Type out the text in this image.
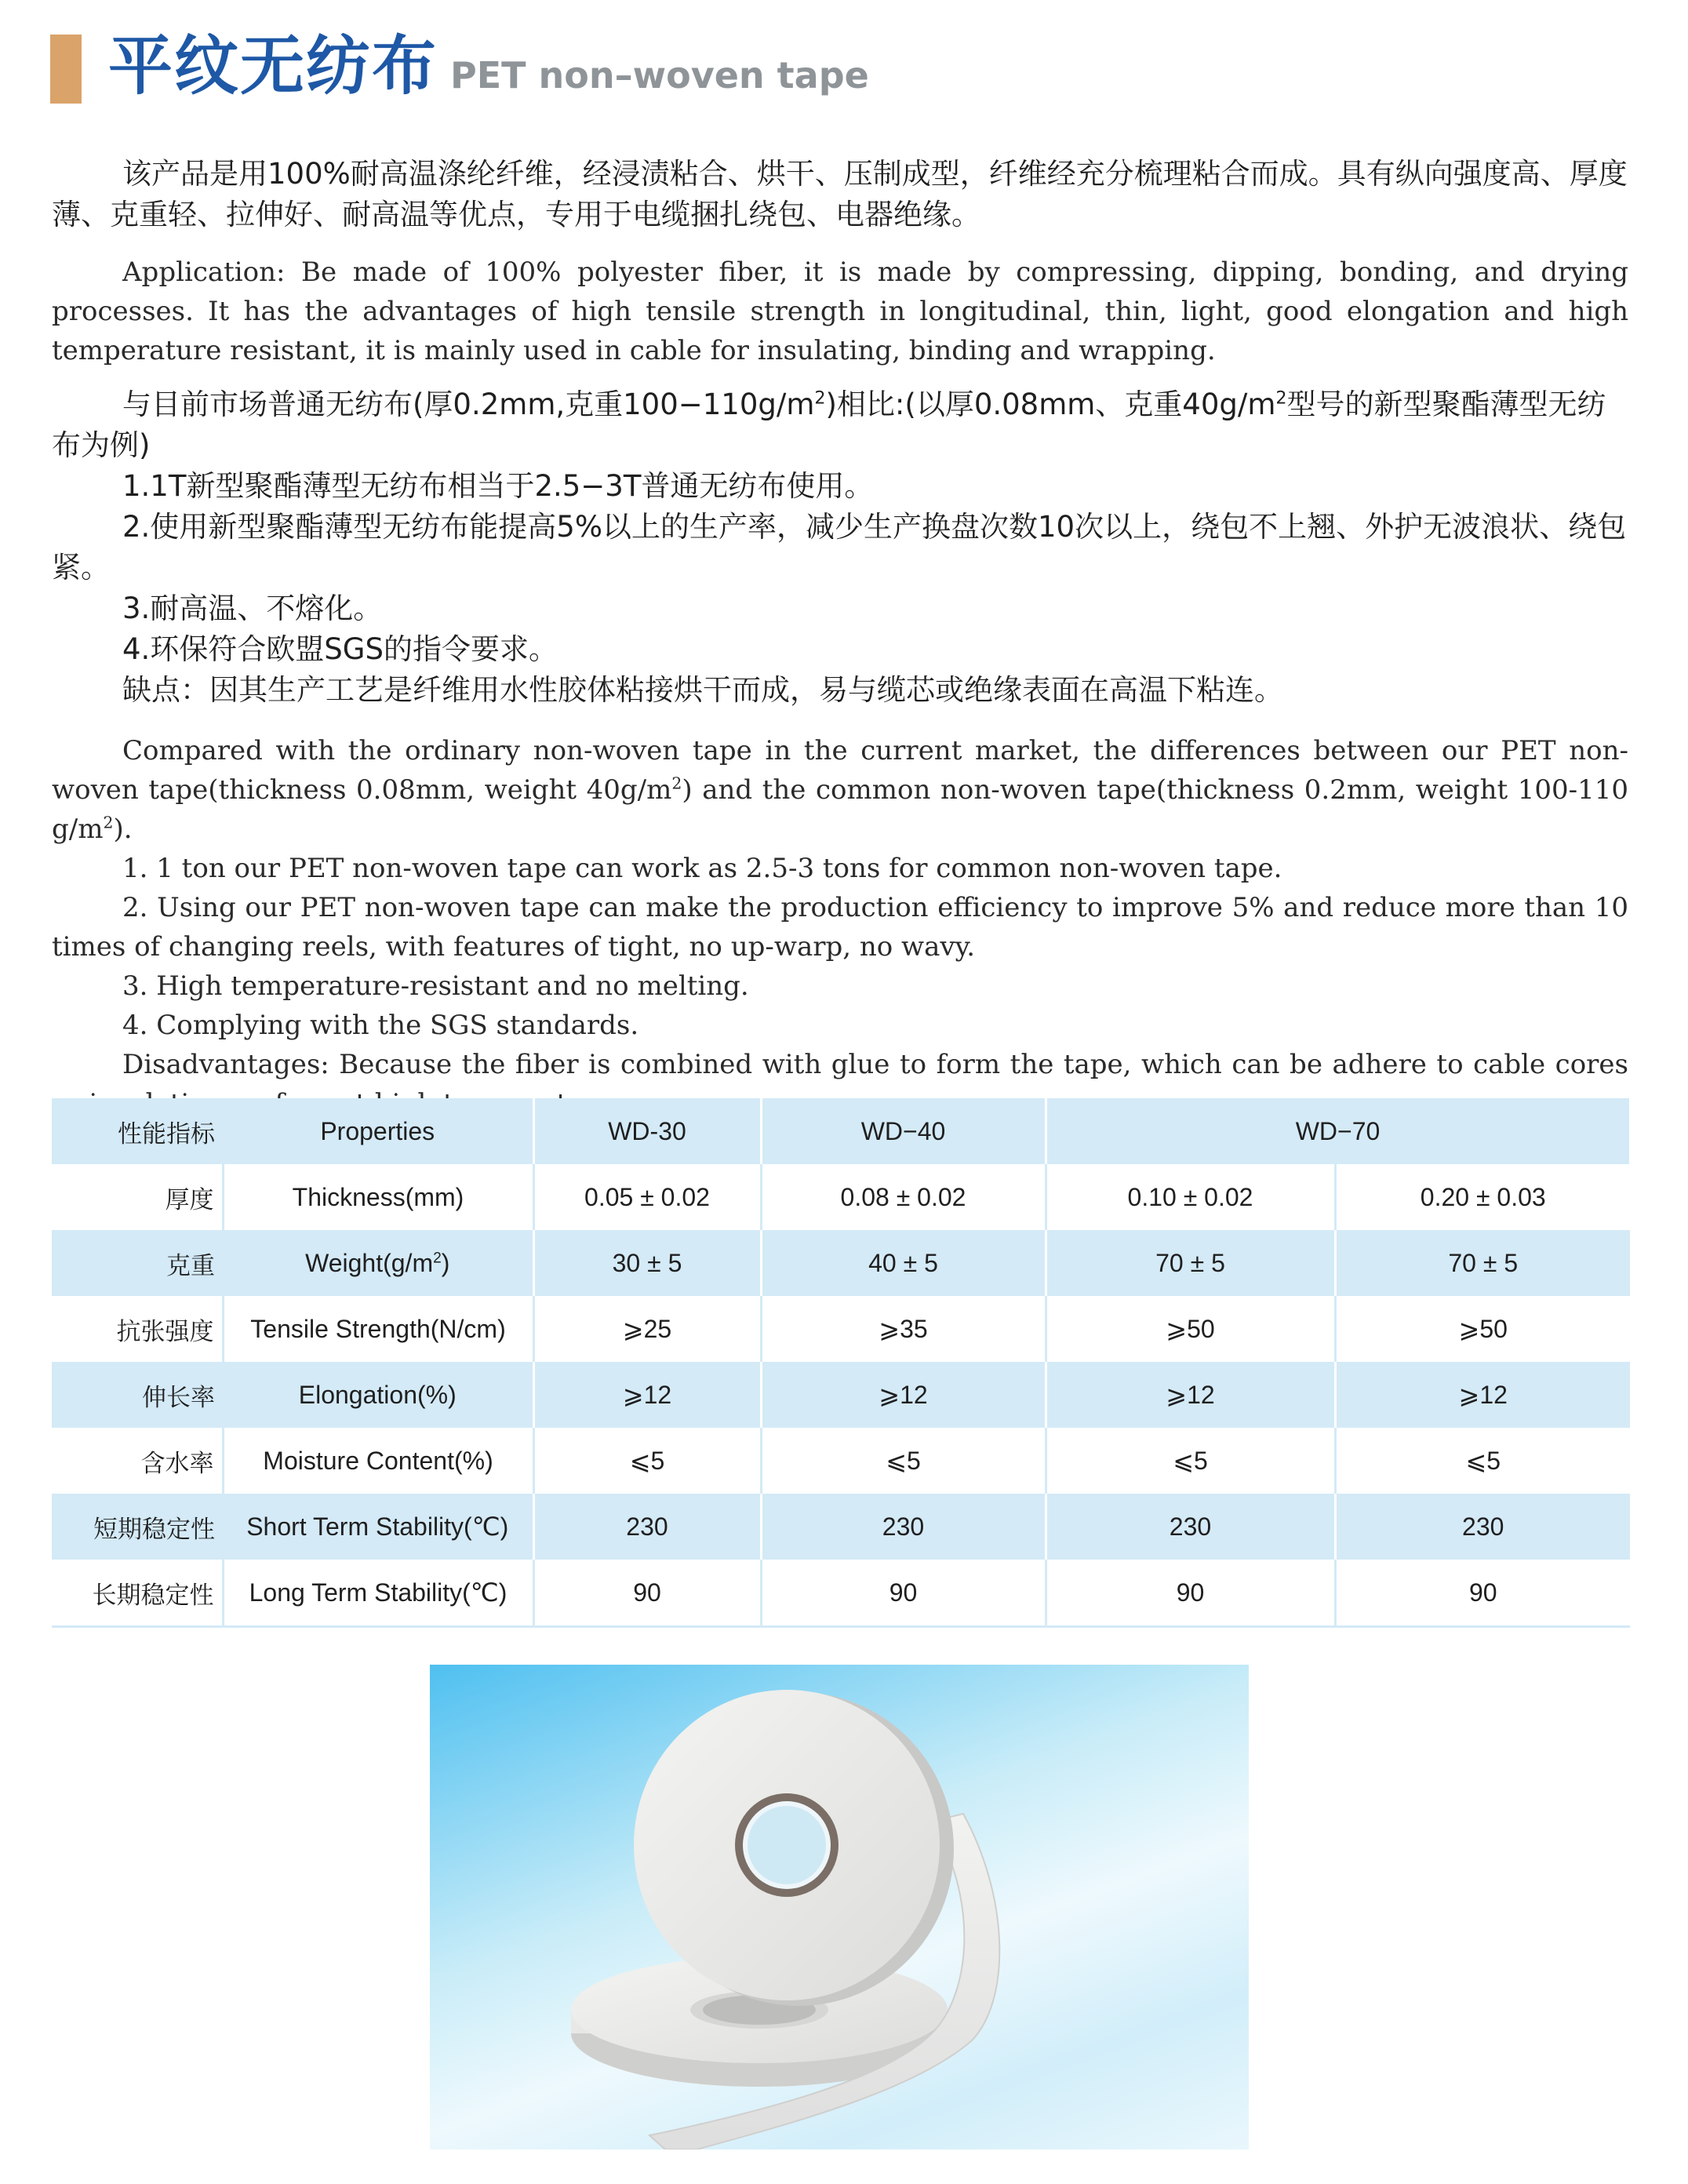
平纹无纺布 PET non–woven tape

该产品是用100%耐高温涤纶纤维，经浸渍粘合、烘干、压制成型，纤维经充分梳理粘合而成。具有纵向强度高、厚度薄、克重轻、拉伸好、耐高温等优点，专用于电缆捆扎绕包、电器绝缘。

Application: Be made of 100% polyester fiber, it is made by compressing, dipping, bonding, and drying processes. It has the advantages of high tensile strength in longitudinal, thin, light, good elongation and high temperature resistant, it is mainly used in cable for insulating, binding and wrapping.

与目前市场普通无纺布(厚0.2mm,克重$100-110g/m^2$)相比:(以厚0.08mm、克重$40g/m^2$型号的新型聚酯薄型无纺布为例)

1.1T新型聚酯薄型无纺布相当于2.5−3T普通无纺布使用。

2.使用新型聚酯薄型无纺布能提高5%以上的生产率，减少生产换盘次数10次以上，绕包不上翘、外护无波浪状、绕包紧。

3.耐高温、不熔化。

4.环保符合欧盟SGS的指令要求。

缺点：因其生产工艺是纤维用水性胶体粘接烘干而成，易与缆芯或绝缘表面在高温下粘连。

Compared with the ordinary non-woven tape in the current market, the differences between our PET non-woven tape(thickness 0.08mm, weight $40g/m^2$) and the common non-woven tape(thickness 0.2mm, weight 100-110 $g/m^2$).

1. 1 ton our PET non-woven tape can work as 2.5-3 tons for common non-woven tape.

2. Using our PET non-woven tape can make the production efficiency to improve 5% and reduce more than 10 times of changing reels, with features of tight, no up-warp, no wavy.

3. High temperature-resistant and no melting.

4. Complying with the SGS standards.

Disadvantages: Because the fiber is combined with glue to form the tape, which can be adhere to cable cores

性能指标	Properties	WD-30	WD−40	WD−70	
厚度	Thickness(mm)	0.05 ± 0.02	0.08 ± 0.02	0.10 ± 0.02	0.20 ± 0.03
克重	$Weight(g/m^2)$	30 ± 5	40 ± 5	70 ± 5	70 ± 5
抗张强度	Tensile Strength(N/cm)	⩾25	⩾35	⩾50	⩾50
伸长率	Elongation(%)	⩾12	⩾12	⩾12	⩾12
含水率	Moisture Content(%)	⩽5	⩽5	⩽5	⩽5
短期稳定性	Short Term Stability(℃)	230	230	230	230
长期稳定性	Long Term Stability(℃)	90	90	90	90
